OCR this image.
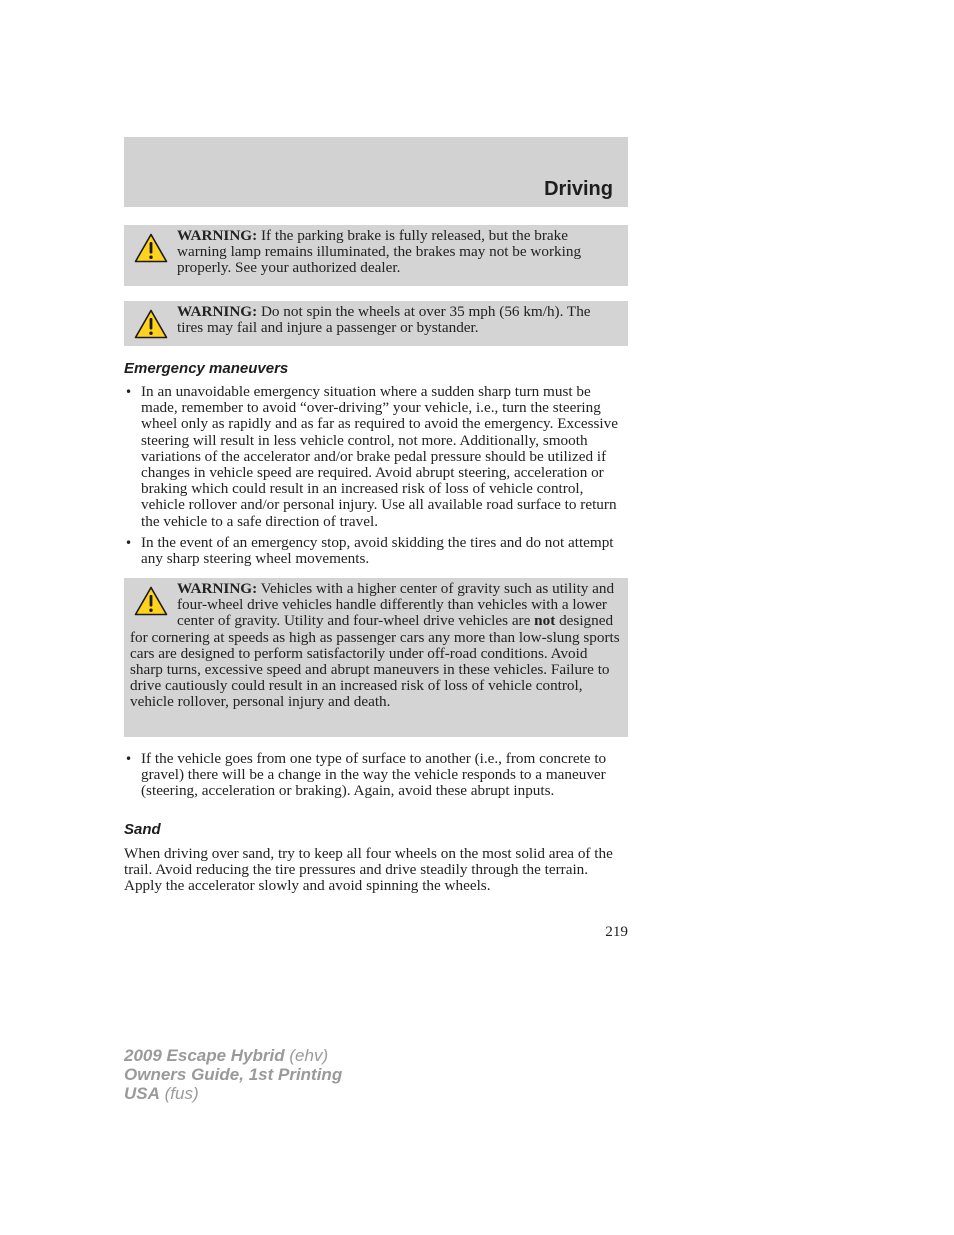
Driving

WARNING: If the parking brake is fully released, but the brake warning lamp remains illuminated, the brakes may not be working properly. See your authorized dealer.

WARNING: Do not spin the wheels at over 35 mph (56 km/h). The tires may fail and injure a passenger or bystander.

Emergency maneuvers
• In an unavoidable emergency situation where a sudden sharp turn must be made, remember to avoid “over-driving” your vehicle, i.e., turn the steering wheel only as rapidly and as far as required to avoid the emergency. Excessive steering will result in less vehicle control, not more. Additionally, smooth variations of the accelerator and/or brake pedal pressure should be utilized if changes in vehicle speed are required. Avoid abrupt steering, acceleration or braking which could result in an increased risk of loss of vehicle control, vehicle rollover and/or personal injury. Use all available road surface to return the vehicle to a safe direction of travel.
• In the event of an emergency stop, avoid skidding the tires and do not attempt any sharp steering wheel movements.

WARNING: Vehicles with a higher center of gravity such as utility and four-wheel drive vehicles handle differently than vehicles with a lower center of gravity. Utility and four-wheel drive vehicles are not designed for cornering at speeds as high as passenger cars any more than low-slung sports cars are designed to perform satisfactorily under off-road conditions. Avoid sharp turns, excessive speed and abrupt maneuvers in these vehicles. Failure to drive cautiously could result in an increased risk of loss of vehicle control, vehicle rollover, personal injury and death.

• If the vehicle goes from one type of surface to another (i.e., from concrete to gravel) there will be a change in the way the vehicle responds to a maneuver (steering, acceleration or braking). Again, avoid these abrupt inputs.
Sand

When driving over sand, try to keep all four wheels on the most solid area of the trail. Avoid reducing the tire pressures and drive steadily through the terrain. Apply the accelerator slowly and avoid spinning the wheels.

219

2009 Escape Hybrid (ehv)
Owners Guide, 1st Printing
USA (fus)
